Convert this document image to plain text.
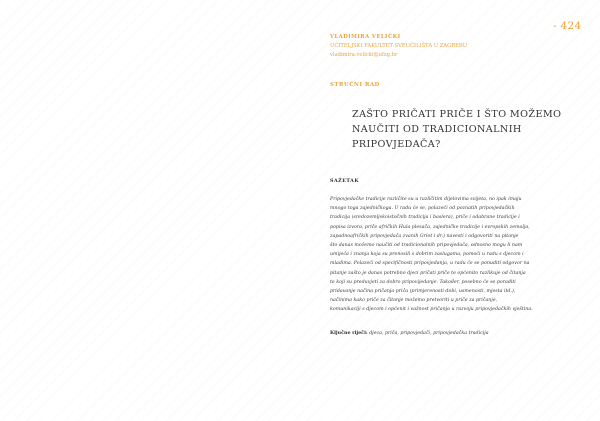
- 424
VLADIMIRA VELIČKI
UČITELJSKI FAKULTET SVEUČILIŠTA U ZAGREBU
vladimira.velicki@ufzg.hr
STRUČNI RAD
ZAŠTO PRIČATI PRIČE I ŠTO MOŽEMO
NAUČITI OD TRADICIONALNIH
PRIPOVJEDAČA?
SAŽETAK
Pripovjedačke tradicije različite su u različitim dijelovima svijeta, no ipak imaju
mnogo toga zajedničkoga. U radu će se, polazeći od poznatih pripovjedačkih
tradicija (sredozemljskoistočnih tradicija i baslera), priče i odabrane tradicije i
popisa izvora, priče afričkih Hula plesača, zajedničke tradicije i evropskih zemalja,
zapadnoafričkih pripovjedača zvanih Griot i dr.) navesti i odgovoriti na pitanje
što danas možemo naučiti od tradicionalnih pripovjedača, odnosno mogu li nam
umijeća i znanja koja su prenosili s dobrim zaslugama, pomoći u radu s djecom i
mladima. Polazeći od specifičnosti pripovjedanja, u radu će se ponuditi odgovor na
pitanje zašto je danas potrebno djeci pričati priče te općenito razlikuje od čitanja
te koji su preduvjeti za dobro pripovijedanje. Također, posebno će se poraditi
pridavanje načina pričanja priča (primjerenosti dobi, usmenosti, mjesta itd.),
načinima kako priče za čitanje možemo pretvoriti u priče za pričanje,
komunikaciji s djecom i općenit i važnost pričanja u razvoju pripovjedačkih vještina.
Ključne riječi: djeca, priča, pripovjedači, pripovjedačka tradicija
